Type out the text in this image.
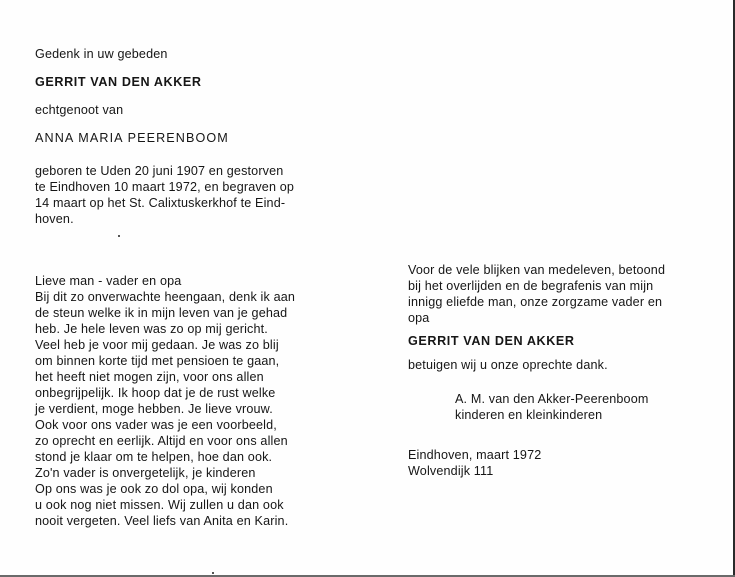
Gedenk in uw gebeden
GERRIT VAN DEN AKKER
echtgenoot van
ANNA MARIA PEERENBOOM
geboren te Uden 20 juni 1907 en gestorven
te Eindhoven 10 maart 1972, en begraven op
14 maart op het St. Calixtuskerkhof te Eind-
hoven.
Lieve man - vader en opa
Bij dit zo onverwachte heengaan, denk ik aan
de steun welke ik in mijn leven van je gehad
heb. Je hele leven was zo op mij gericht.
Veel heb je voor mij gedaan. Je was zo blij
om binnen korte tijd met pensioen te gaan,
het heeft niet mogen zijn, voor ons allen
onbegrijpelijk. Ik hoop dat je de rust welke
je verdient, moge hebben. Je lieve vrouw.
Ook voor ons vader was je een voorbeeld,
zo oprecht en eerlijk. Altijd en voor ons allen
stond je klaar om te helpen, hoe dan ook.
Zo'n vader is onvergetelijk, je kinderen
Op ons was je ook zo dol opa, wij konden
u ook nog niet missen. Wij zullen u dan ook
nooit vergeten. Veel liefs van Anita en Karin.
Voor de vele blijken van medeleven, betoond
bij het overlijden en de begrafenis van mijn
innigg eliefde man, onze zorgzame vader en
opa
GERRIT VAN DEN AKKER
betuigen wij u onze oprechte dank.
A. M. van den Akker-Peerenboom
kinderen en kleinkinderen
Eindhoven, maart 1972
Wolvendijk 111
